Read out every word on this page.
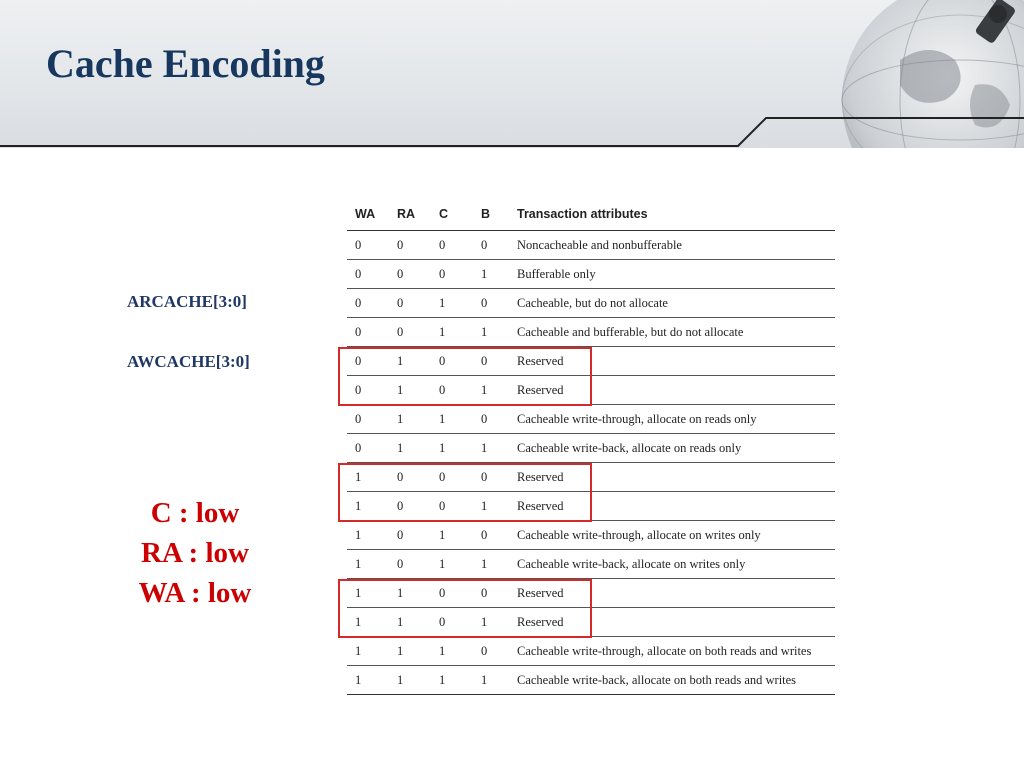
Cache Encoding
ARCACHE[3:0]
AWCACHE[3:0]
C : low
RA : low
WA : low
WA	RA	C	B	Transaction attributes
0	0	0	0	Noncacheable and nonbufferable
0	0	0	1	Bufferable only
0	0	1	0	Cacheable, but do not allocate
0	0	1	1	Cacheable and bufferable, but do not allocate
0	1	0	0	Reserved
0	1	0	1	Reserved
0	1	1	0	Cacheable write-through, allocate on reads only
0	1	1	1	Cacheable write-back, allocate on reads only
1	0	0	0	Reserved
1	0	0	1	Reserved
1	0	1	0	Cacheable write-through, allocate on writes only
1	0	1	1	Cacheable write-back, allocate on writes only
1	1	0	0	Reserved
1	1	0	1	Reserved
1	1	1	0	Cacheable write-through, allocate on both reads and writes
1	1	1	1	Cacheable write-back, allocate on both reads and writes
